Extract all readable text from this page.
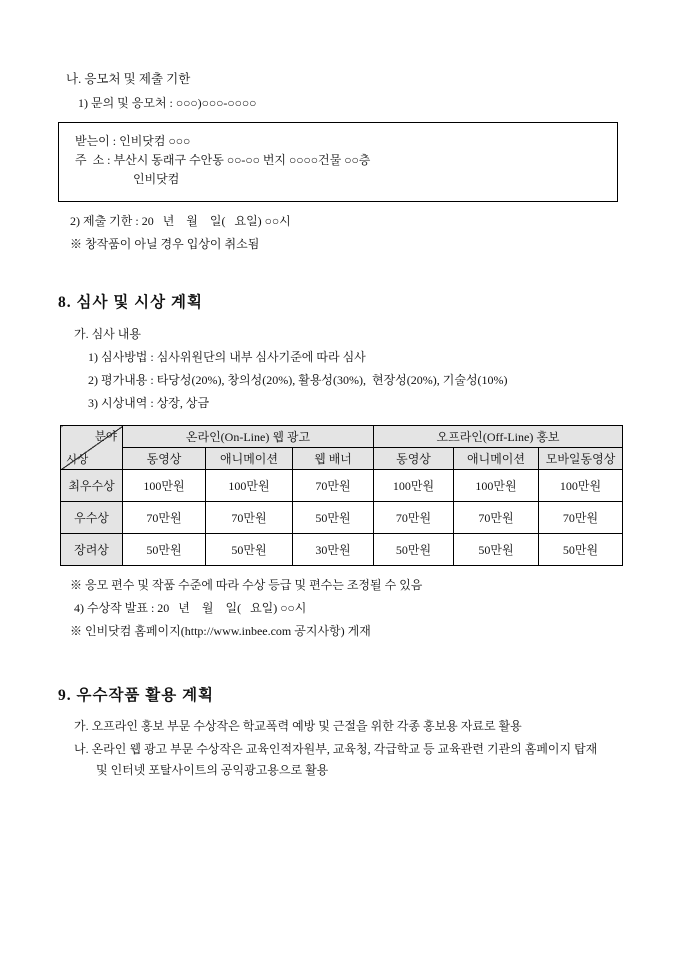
나. 응모처 및 제출 기한
1) 문의 및 응모처 : ○○○)○○○-○○○○
받는이 : 인비닷컴 ○○○
주  소 : 부산시 동래구 수안동 ○○-○○ 번지 ○○○○건물 ○○층
인비닷컴
2) 제출 기한 : 20   년    월    일(   요일) ○○시
※ 창작품이 아닐 경우 입상이 취소됨
8. 심사 및 시상 계획
가. 심사 내용
1) 심사방법 : 심사위원단의 내부 심사기준에 따라 심사
2) 평가내용 : 타당성(20%), 창의성(20%), 활용성(30%),  현장성(20%), 기술성(10%)
3) 시상내역 : 상장, 상금
분야
시상	온라인(On-Line) 웹 광고			오프라인(Off-Line) 홍보		
	동영상	애니메이션	웹 배너	동영상	애니메이션	모바일동영상
최우수상	100만원	100만원	70만원	100만원	100만원	100만원
우수상	70만원	70만원	50만원	70만원	70만원	70만원
장려상	50만원	50만원	30만원	50만원	50만원	50만원
※ 응모 편수 및 작품 수준에 따라 수상 등급 및 편수는 조정될 수 있음
4) 수상작 발표 : 20   년    월    일(   요일) ○○시
※ 인비닷컴 홈페이지(http://www.inbee.com 공지사항) 게재
9. 우수작품 활용 계획
가. 오프라인 홍보 부문 수상작은 학교폭력 예방 및 근절을 위한 각종 홍보용 자료로 활용
나. 온라인 웹 광고 부문 수상작은 교육인적자원부, 교육청, 각급학교 등 교육관련 기관의 홈페이지 탑재
및 인터넷 포탈사이트의 공익광고용으로 활용
